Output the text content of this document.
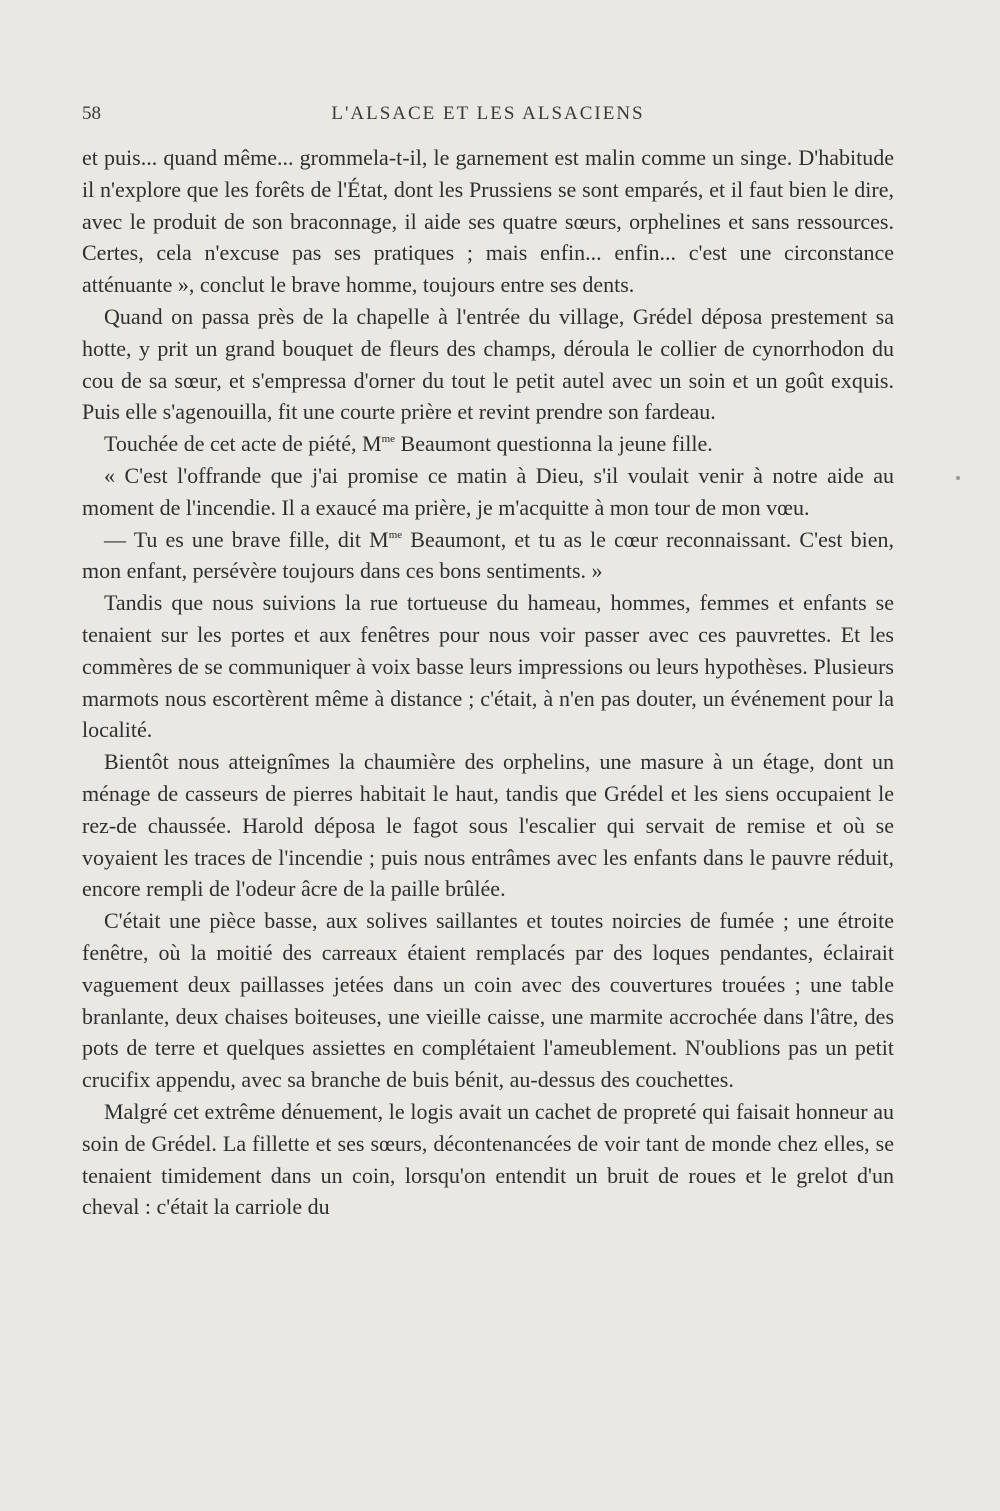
58	L'ALSACE ET LES ALSACIENS

et puis... quand même... grommela-t-il, le garnement est malin comme un singe. D'habitude il n'explore que les forêts de l'État, dont les Prussiens se sont emparés, et il faut bien le dire, avec le produit de son braconnage, il aide ses quatre sœurs, orphelines et sans ressources. Certes, cela n'excuse pas ses pratiques ; mais enfin... enfin... c'est une circonstance atténuante », conclut le brave homme, toujours entre ses dents.

Quand on passa près de la chapelle à l'entrée du village, Grédel déposa prestement sa hotte, y prit un grand bouquet de fleurs des champs, déroula le collier de cynorrhodon du cou de sa sœur, et s'empressa d'orner du tout le petit autel avec un soin et un goût exquis. Puis elle s'agenouilla, fit une courte prière et revint prendre son fardeau.

Touchée de cet acte de piété, $M^{me}$ Beaumont questionna la jeune fille.

« C'est l'offrande que j'ai promise ce matin à Dieu, s'il voulait venir à notre aide au moment de l'incendie. Il a exaucé ma prière, je m'acquitte à mon tour de mon vœu.

— Tu es une brave fille, dit $M^{me}$ Beaumont, et tu as le cœur reconnaissant. C'est bien, mon enfant, persévère toujours dans ces bons sentiments. »

Tandis que nous suivions la rue tortueuse du hameau, hommes, femmes et enfants se tenaient sur les portes et aux fenêtres pour nous voir passer avec ces pauvrettes. Et les commères de se communiquer à voix basse leurs impressions ou leurs hypothèses. Plusieurs marmots nous escortèrent même à distance ; c'était, à n'en pas douter, un événement pour la localité.

Bientôt nous atteignîmes la chaumière des orphelins, une masure à un étage, dont un ménage de casseurs de pierres habitait le haut, tandis que Grédel et les siens occupaient le rez-de chaussée. Harold déposa le fagot sous l'escalier qui servait de remise et où se voyaient les traces de l'incendie ; puis nous entrâmes avec les enfants dans le pauvre réduit, encore rempli de l'odeur âcre de la paille brûlée.

C'était une pièce basse, aux solives saillantes et toutes noircies de fumée ; une étroite fenêtre, où la moitié des carreaux étaient remplacés par des loques pendantes, éclairait vaguement deux paillasses jetées dans un coin avec des couvertures trouées ; une table branlante, deux chaises boiteuses, une vieille caisse, une marmite accrochée dans l'âtre, des pots de terre et quelques assiettes en complétaient l'ameublement. N'oublions pas un petit crucifix appendu, avec sa branche de buis bénit, au-dessus des couchettes.

Malgré cet extrême dénuement, le logis avait un cachet de propreté qui faisait honneur au soin de Grédel. La fillette et ses sœurs, décontenancées de voir tant de monde chez elles, se tenaient timidement dans un coin, lorsqu'on entendit un bruit de roues et le grelot d'un cheval : c'était la carriole du
